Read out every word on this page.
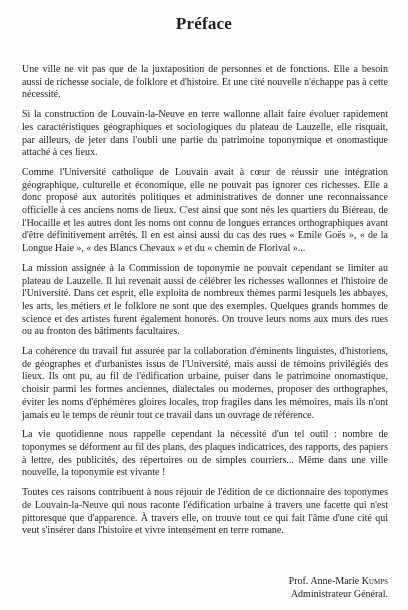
Préface

Une ville ne vit pas que de la juxtaposition de personnes et de fonctions. Elle a besoin aussi de richesse sociale, de folklore et d'histoire. Et une cité nouvelle n'échappe pas à cette nécessité.

Si la construction de Louvain-la-Neuve en terre wallonne allait faire évoluer rapidement les caractéristiques géographiques et sociologiques du plateau de Lauzelle, elle risquait, par ailleurs, de jeter dans l'oubli une partie du patrimoine toponymique et onomastique attaché à ces lieux.

Comme l'Université catholique de Louvain avait à cœur de réussir une intégration géographique, culturelle et économique, elle ne pouvait pas ignorer ces richesses. Elle a donc proposé aux autorités politiques et administratives de donner une reconnaissance officielle à ces anciens noms de lieux. C'est ainsi que sont nés les quartiers du Biéreau, de l'Hocaille et les autres dont les noms ont connu de longues errances orthographiques avant d'être définitivement arrêtés. Il en est ainsi aussi du cas des rues « Emile Goës », « de la Longue Haie », « des Blancs Chevaux » et du « chemin de Florival »...

La mission assignée à la Commission de toponymie ne pouvait cependant se limiter au plateau de Lauzelle. Il lui revenait aussi de célébrer les richesses wallonnes et l'histoire de l'Université. Dans cet esprit, elle exploita de nombreux thèmes parmi lesquels les abbayes, les arts, les métiers et le folklore ne sont que des exemples. Quelques grands hommes de science et des artistes furent également honorés. On trouve leurs noms aux murs des rues ou au fronton des bâtiments facultaires.

La cohérence du travail fut assurée par la collaboration d'éminents linguistes, d'historiens, de géographes et d'urbanistes issus de l'Université, mais aussi de témoins privilégiés des lieux. Ils ont pu, au fil de l'édification urbaine, puiser dans le patrimoine onomastique, choisir parmi les formes anciennes, dialectales ou modernes, proposer des orthographes, éviter les noms d'éphémères gloires locales, trop fragiles dans les mémoires, mais ils n'ont jamais eu le temps de réunir tout ce travail dans un ouvrage de référence.

La vie quotidienne nous rappelle cependant la nécessité d'un tel outil : nombre de toponymes se déforment au fil des plans, des plaques indicatrices, des rapports, des papiers à lettre, des publicités, des répertoires ou de simples courriers... Même dans une ville nouvelle, la toponymie est vivante !

Toutes ces raisons contribuent à nous réjouir de l'édition de ce dictionnaire des toponymes de Louvain-la-Neuve qui nous raconte l'édification urbaine à travers une facette qui n'est pittoresque que d'apparence. À travers elle, on trouve tout ce qui fait l'âme d'une cité qui veut s'insérer dans l'histoire et vivre intensément en terre romane.

Prof. Anne-Marie Kumps
Administrateur Général.
